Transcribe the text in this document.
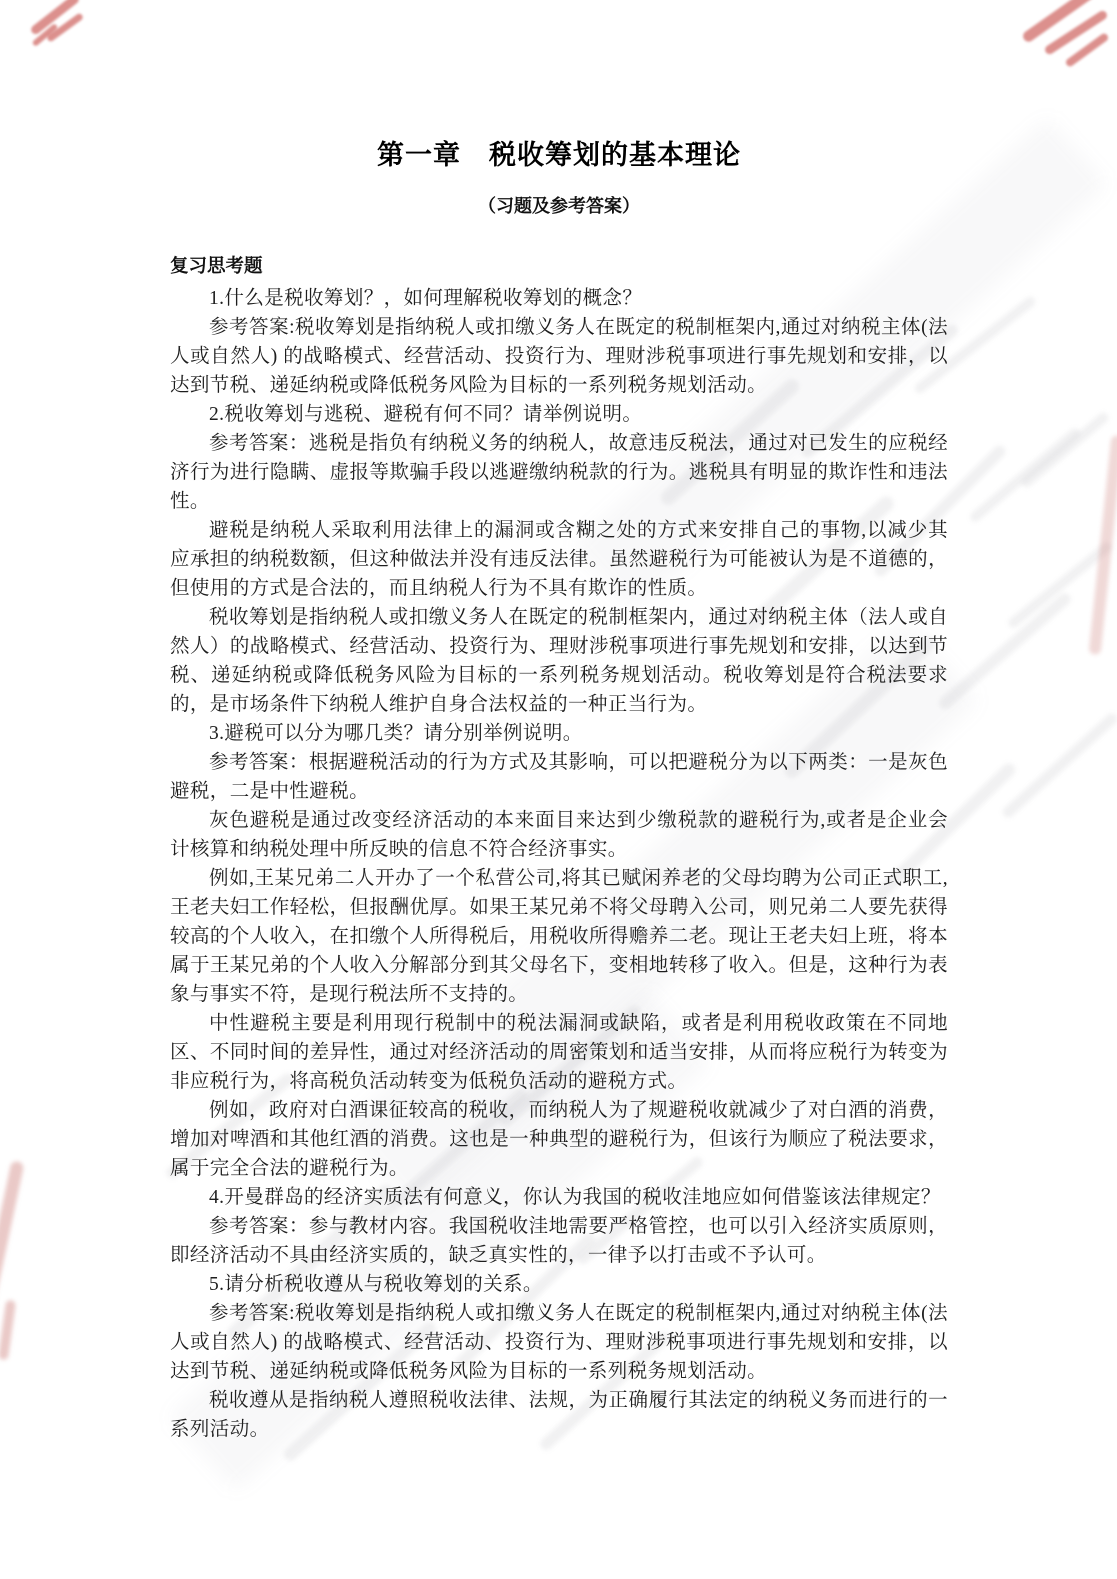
第一章　税收筹划的基本理论
（习题及参考答案）
复习思考题

1.什么是税收筹划？，如何理解税收筹划的概念？

参考答案:税收筹划是指纳税人或扣缴义务人在既定的税制框架内,通过对纳税主体(法人或自然人) 的战略模式、经营活动、投资行为、理财涉税事项进行事先规划和安排，以达到节税、递延纳税或降低税务风险为目标的一系列税务规划活动。

2.税收筹划与逃税、避税有何不同？请举例说明。

参考答案：逃税是指负有纳税义务的纳税人，故意违反税法，通过对已发生的应税经济行为进行隐瞒、虚报等欺骗手段以逃避缴纳税款的行为。逃税具有明显的欺诈性和违法性。

避税是纳税人采取利用法律上的漏洞或含糊之处的方式来安排自己的事物,以减少其应承担的纳税数额，但这种做法并没有违反法律。虽然避税行为可能被认为是不道德的，但使用的方式是合法的，而且纳税人行为不具有欺诈的性质。

税收筹划是指纳税人或扣缴义务人在既定的税制框架内，通过对纳税主体（法人或自然人）的战略模式、经营活动、投资行为、理财涉税事项进行事先规划和安排，以达到节税、递延纳税或降低税务风险为目标的一系列税务规划活动。税收筹划是符合税法要求的，是市场条件下纳税人维护自身合法权益的一种正当行为。

3.避税可以分为哪几类？请分别举例说明。

参考答案：根据避税活动的行为方式及其影响，可以把避税分为以下两类：一是灰色避税，二是中性避税。

灰色避税是通过改变经济活动的本来面目来达到少缴税款的避税行为,或者是企业会计核算和纳税处理中所反映的信息不符合经济事实。

例如,王某兄弟二人开办了一个私营公司,将其已赋闲养老的父母均聘为公司正式职工,王老夫妇工作轻松，但报酬优厚。如果王某兄弟不将父母聘入公司，则兄弟二人要先获得较高的个人收入，在扣缴个人所得税后，用税收所得赡养二老。现让王老夫妇上班，将本属于王某兄弟的个人收入分解部分到其父母名下，变相地转移了收入。但是，这种行为表象与事实不符，是现行税法所不支持的。

中性避税主要是利用现行税制中的税法漏洞或缺陷，或者是利用税收政策在不同地区、不同时间的差异性，通过对经济活动的周密策划和适当安排，从而将应税行为转变为非应税行为，将高税负活动转变为低税负活动的避税方式。

例如，政府对白酒课征较高的税收，而纳税人为了规避税收就减少了对白酒的消费，增加对啤酒和其他红酒的消费。这也是一种典型的避税行为，但该行为顺应了税法要求，属于完全合法的避税行为。

4.开曼群岛的经济实质法有何意义，你认为我国的税收洼地应如何借鉴该法律规定？

参考答案：参与教材内容。我国税收洼地需要严格管控，也可以引入经济实质原则，即经济活动不具由经济实质的，缺乏真实性的，一律予以打击或不予认可。

5.请分析税收遵从与税收筹划的关系。

参考答案:税收筹划是指纳税人或扣缴义务人在既定的税制框架内,通过对纳税主体(法人或自然人) 的战略模式、经营活动、投资行为、理财涉税事项进行事先规划和安排，以达到节税、递延纳税或降低税务风险为目标的一系列税务规划活动。

税收遵从是指纳税人遵照税收法律、法规，为正确履行其法定的纳税义务而进行的一系列活动。
